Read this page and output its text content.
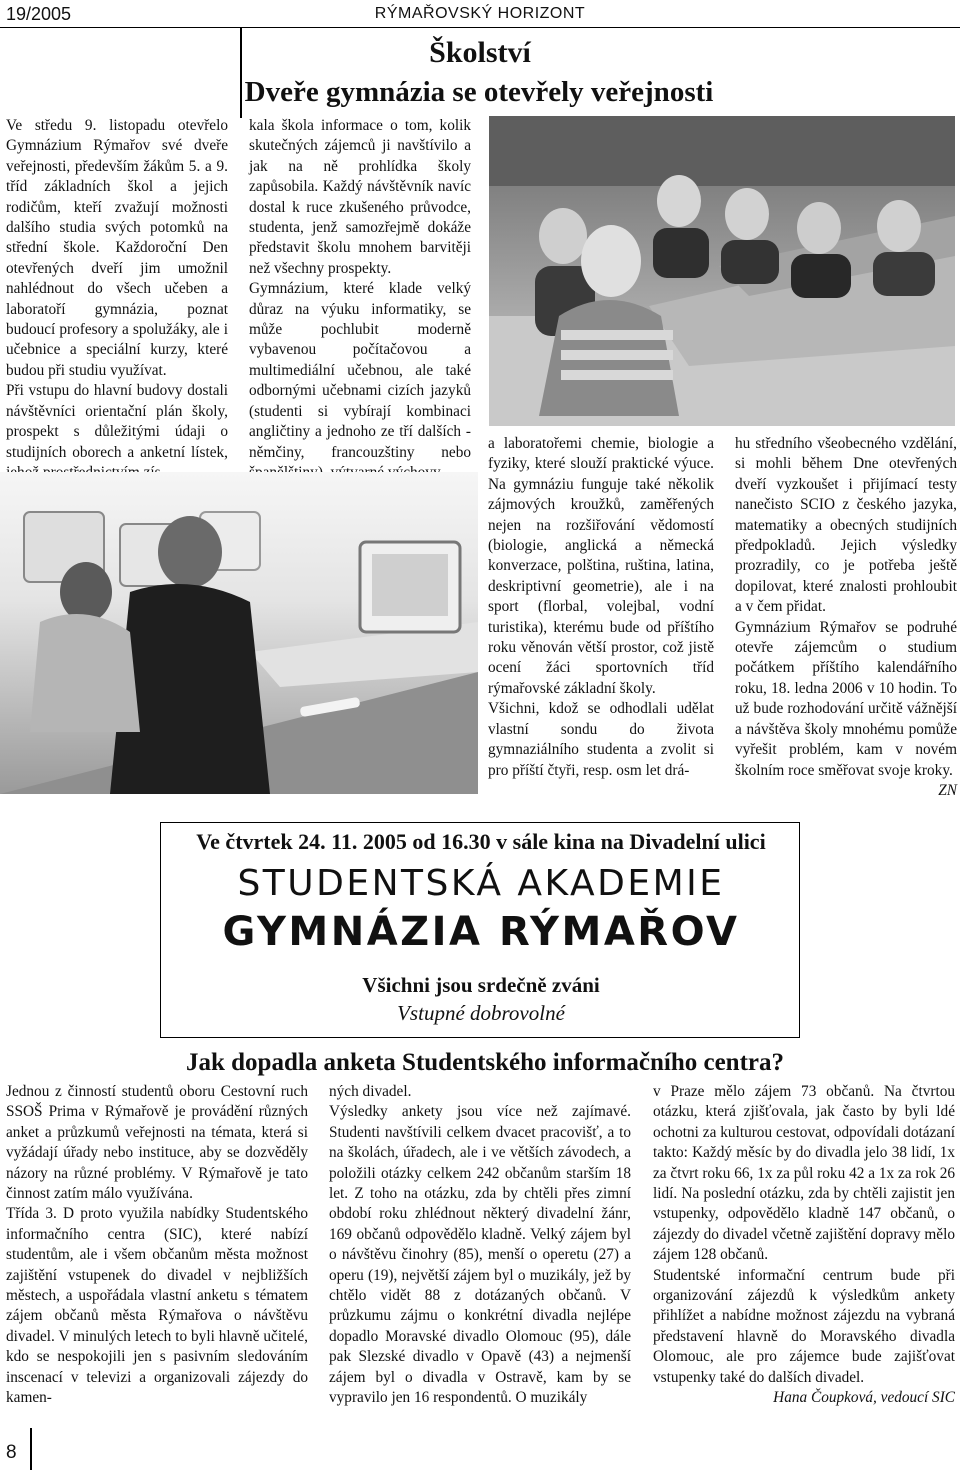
19/2005	RÝMAŘOVSKÝ HORIZONT
Školství
Dveře gymnázia se otevřely veřejnosti

Ve středu 9. listopadu otevřelo Gymnázium Rýmařov své dveře veřejnosti, především žákům 5. a 9. tříd základních škol a jejich rodičům, kteří zvažují možnosti dalšího studia svých potomků na střední škole. Každoroční Den otevřených dveří jim umožnil nahlédnout do všech učeben a laboratoří gymnázia, poznat budoucí profesory a spolužáky, ale i učebnice a speciální kurzy, které budou při studiu využívat.

Při vstupu do hlavní budovy dostali návštěvníci orientační plán školy, prospekt s důležitými údaji o studijních oborech a anketní lístek,

kala škola informace o tom, kolik skutečných zájemců ji navštívilo a jak na ně prohlídka školy zapůsobila. Každý návštěvník navíc dostal k ruce zkušeného průvodce, studenta, jenž samozřejmě dokáže představit školu mnohem barvitěji než všechny prospekty.

Gymnázium, které klade velký důraz na výuku informatiky, se může pochlubit moderně vybavenou počítačovou a multimediální učebnou, ale také odbornými učebnami cizích jazyků (studenti si vybírají kombinaci angličtiny a jednoho ze tří dalších - němčiny, francouzštiny nebo a laboratořemi chemie, biologie a fyziky, které slouží praktické výuce. Na gymnáziu funguje také několik zájmových kroužků, zaměřených nejen na rozšiřování vědomostí (biologie, anglická a německá konverzace, polština, ruština, latina, deskriptivní geometrie), ale i na sport (florbal, volejbal, vodní turistika), kterému bude od příštího roku věnován větší prostor, což jistě ocení žáci sportovních tříd rýmařovské základní školy.

Všichni, kdož se odhodlali udělat vlastní sondu do života gymnaziálního studenta a zvolit si pro příští čtyři, resp. osm let drá-

hu středního všeobecného vzdělání, si mohli během Dne otevřených dveří vyzkoušet i přijímací testy nanečisto SCIO z českého jazyka, matematiky a obecných studijních předpokladů. Jejich výsledky prozradily, co je potřeba ještě dopilovat, které znalosti prohloubit a v čem přidat.

Gymnázium Rýmařov se podruhé otevře zájemcům o studium počátkem příštího kalendářního roku, 18. ledna 2006 v 10 hodin. To už bude rozhodování určitě vážnější a návštěva školy mnohému pomůže vyřešit problém, kam v novém školním roce směřovat svoje kroky.

ZN

Ve čtvrtek 24. 11. 2005 od 16.30 v sále kina na Divadelní ulici
STUDENTSKÁ AKADEMIE
GYMNÁZIA RÝMAŘOV
Všichni jsou srdečně zváni
Vstupné dobrovolné
Jak dopadla anketa Studentského informačního centra?

Jednou z činností studentů oboru Cestovní ruch SSOŠ Prima v Rýmařově je provádění různých anket a průzkumů veřejnosti na témata, která si vyžádají úřady nebo instituce, aby se dozvěděly názory na různé problémy. V Rýmařově je tato činnost zatím málo využívána.

Třída 3. D proto využila nabídky Studentského informačního centra (SIC), které nabízí studentům, ale i všem občanům města možnost zajištění vstupenek do divadel v nejbližších městech, a uspořádala vlastní anketu s tématem zájem občanů města Rýmařova o návštěvu divadel. V minulých letech to byli hlavně učitelé, kdo se nespokojili jen s pasivním sledováním inscenací v televizi a organizovali zájezdy do kamen-

ných divadel.

Výsledky ankety jsou více než zajímavé. Studenti navštívili celkem dvacet pracovišť, a to na školách, úřadech, ale i ve větších závodech, a položili otázky celkem 242 občanům starším 18 let. Z toho na otázku, zda by chtěli přes zimní období roku zhlédnout některý divadelní žánr, 169 občanů odpovědělo kladně. Velký zájem byl o návštěvu činohry (85), menší o operetu (27) a operu (19), největší zájem byl o muzikály, jež by chtělo vidět 88 z dotázaných občanů. V průzkumu zájmu o konkrétní divadla nejlépe dopadlo Moravské divadlo Olomouc (95), dále pak Slezské divadlo v Opavě (43) a nejmenší zájem byl o divadla v Ostravě, kam by se vypravilo jen 16 respondentů. O muzikály

v Praze mělo zájem 73 občanů. Na čtvrtou otázku, která zjišťovala, jak často by byli ldé ochotni za kulturou cestovat, odpovídali dotázaní takto: Každý měsíc by do divadla jelo 38 lidí, 1x za čtvrt roku 66, 1x za půl roku 42 a 1x za rok 26 lidí. Na poslední otázku, zda by chtěli zajistit jen vstupenky, odpovědělo kladně 147 občanů, o zájezdy do divadel včetně zajištění dopravy mělo zájem 128 občanů.

Studentské informační centrum bude při organizování zájezdů k výsledkům ankety přihlížet a nabídne možnost zájezdu na vybraná představení hlavně do Moravského divadla Olomouc, ale pro zájemce bude zajišťovat vstupenky také do dalších divadel.

Hana Čoupková, vedoucí SIC

8
